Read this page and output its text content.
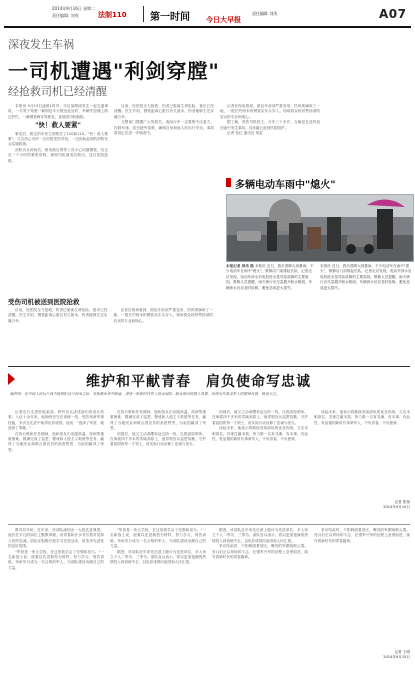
2014年9月16日 星期二
责任编辑: 刘茂	法制110 第一时间 今日大早报
责任编辑: 刘茂	A07
深夜发生车祸
一司机遭遇"利剑穿膛"
经抢救司机已经清醒

本报讯 9月15日凌晨1时许，市区某路段发生一起交通事故，一名男子驾驶一辆面包车行驶至此处时，车辆失控撞上路边护栏，一截钢管刺穿驾驶室，直插进司机胸腔。

"快！救人要紧"

事发后，路过的市民立即拨打了120和110。"快！救人要紧"，几名热心市民一边安慰受伤司机，一边协助赶到的消防官兵实施救援。

消防官兵到场后，使用液压剪等工具小心切割钢管，经过近一个小时的紧张营救，被困司机被成功救出，送往医院抢救。

目前，经医院全力抢救，伤者已脱离生命危险，意识已经清醒。医生介绍，钢管距离心脏仅有几厘米，伤者能够生还实属万幸。

交警部门提醒广大驾驶员，夜间行车一定要集中注意力，控制车速，切勿疲劳驾驶，确保自身和他人的出行安全。事故原因正在进一步调查中。

记者在现场看到，面包车前部严重变形，挡风玻璃碎了一地，一根长约两米的钢管从车头穿入。现场群众纷纷赞扬消防官兵的专业和细心。

据了解，受伤司机姓王，今年三十多岁，当晚是在送货返回途中发生事故。其家属已赶到医院陪护。

记者 张红 通讯员 何雷

受伤司机被送到医院抢救

目前，经医院全力抢救，伤者已脱离生命危险，意识已经清醒。医生介绍，钢管距离心脏仅有几厘米，伤者能够生还实属万幸。

记者在现场看到，面包车前部严重变形，挡风玻璃碎了一地，一根长约两米的钢管从车头穿入。现场群众纷纷赞扬消防官兵的专业和细心。

多辆电动车雨中"熄火"
本报记者 周伟 摄 本报讯 近日，我市普降大到暴雨，不少电动车在雨中"熄火"，维修店门前排起长队。记者走访发现，电动车涉水后电机进水是导致故障的主要原因。维修人员提醒，雨天骑行应尽量避开积水路段，车辆涉水后应及时检修，避免造成更大损失。
本报讯 近日，我市普降大到暴雨，不少电动车在雨中"熄火"，维修店门前排起长队。记者走访发现，电动车涉水后电机进水是导致故障的主要原因。维修人员提醒，雨天骑行应尽量避开积水路段，车辆涉水后应及时检修，避免造成更大损失。
维护和平献青春　肩负使命写忠诚
编者按：在中国人民抗日战争胜利纪念日到来之际，本报推出系列报道，讲述一批新时代军人投身国防、献身使命的感人故事，展现当代革命军人的精神风貌，敬请关注。

记者近日走进驻地某部，聆听官兵讲述他们的成长故事。入伍十余年来，他始终坚守在训练一线，刻苦钻研军事技能，多次在比武中取得优异成绩。他说："选择了军营，就选择了奉献。"

在执行维和任务期间，他和战友们克服高温、疫病等重重困难，圆满完成了巡逻、警戒和人道主义救援等任务，赢得了当地民众和联合国官员的高度赞誉，为祖国赢得了荣誉。

在执行维和任务期间，他和战友们克服高温、疫病等重重困难，圆满完成了巡逻、警戒和人道主义救援等任务，赢得了当地民众和联合国官员的高度赞誉，为祖国赢得了荣誉。

回国后，他又主动请缨奔赴边防一线，扎根高原哨所。在海拔四千多米的雪域高原上，他带领官兵巡逻执勤，守护着祖国的每一寸领土，用实际行动诠释了忠诚与担当。

回国后，他又主动请缨奔赴边防一线，扎根高原哨所。在海拔四千多米的雪域高原上，他带领官兵巡逻执勤，守护着祖国的每一寸领土，用实际行动诠释了忠诚与担当。

谈起未来，他表示将继续发扬部队的优良传统，立足本职岗位，苦练打赢本领，努力做一名有灵魂、有本事、有血性、有品德的新时代革命军人，不负青春，不负使命。

谈起未来，他表示将继续发扬部队的优良传统，立足本职岗位，苦练打赢本领，努力做一名有灵魂、有本事、有血性、有品德的新时代革命军人，不负青春，不负使命。

记者 张扬
2014年9月15日

教导员介绍，近年来，该部队涌现出一大批先进典型。他们在平凡的岗位上默默奉献，用青春和汗水书写着对党和人民的忠诚。部队还积极开展学习先进活动，营造争先创优的良好氛围。

"军营是一所大学校，在这里我学会了坚强和担当。"一名新战士说，他要以先进典型为榜样，努力学习，刻苦训练，争取早日成为一名合格的军人，为部队建设贡献自己的力量。

"军营是一所大学校，在这里我学会了坚强和担当。"一名新战士说，他要以先进典型为榜样，努力学习，刻苦训练，争取早日成为一名合格的军人，为部队建设贡献自己的力量。

据悉，该部队近年来先后被上级评为先进单位，多人荣立个人二等功、三等功。部队官兵表示，将以更加饱满的热情投入到训练中去，以优异成绩向祖国和人民汇报。

据悉，该部队近年来先后被上级评为先进单位，多人荣立个人二等功、三等功。部队官兵表示，将以更加饱满的热情投入到训练中去，以优异成绩向祖国和人民汇报。

采访结束时，夕阳映照着营区，嘹亮的军歌响彻云霄。官兵们正以昂扬的斗志，在强军兴军的征程上奋勇前进，续写着新时代的青春篇章。

采访结束时，夕阳映照着营区，嘹亮的军歌响彻云霄。官兵们正以昂扬的斗志，在强军兴军的征程上奋勇前进，续写着新时代的青春篇章。

记者 王明
2014年9月15日
